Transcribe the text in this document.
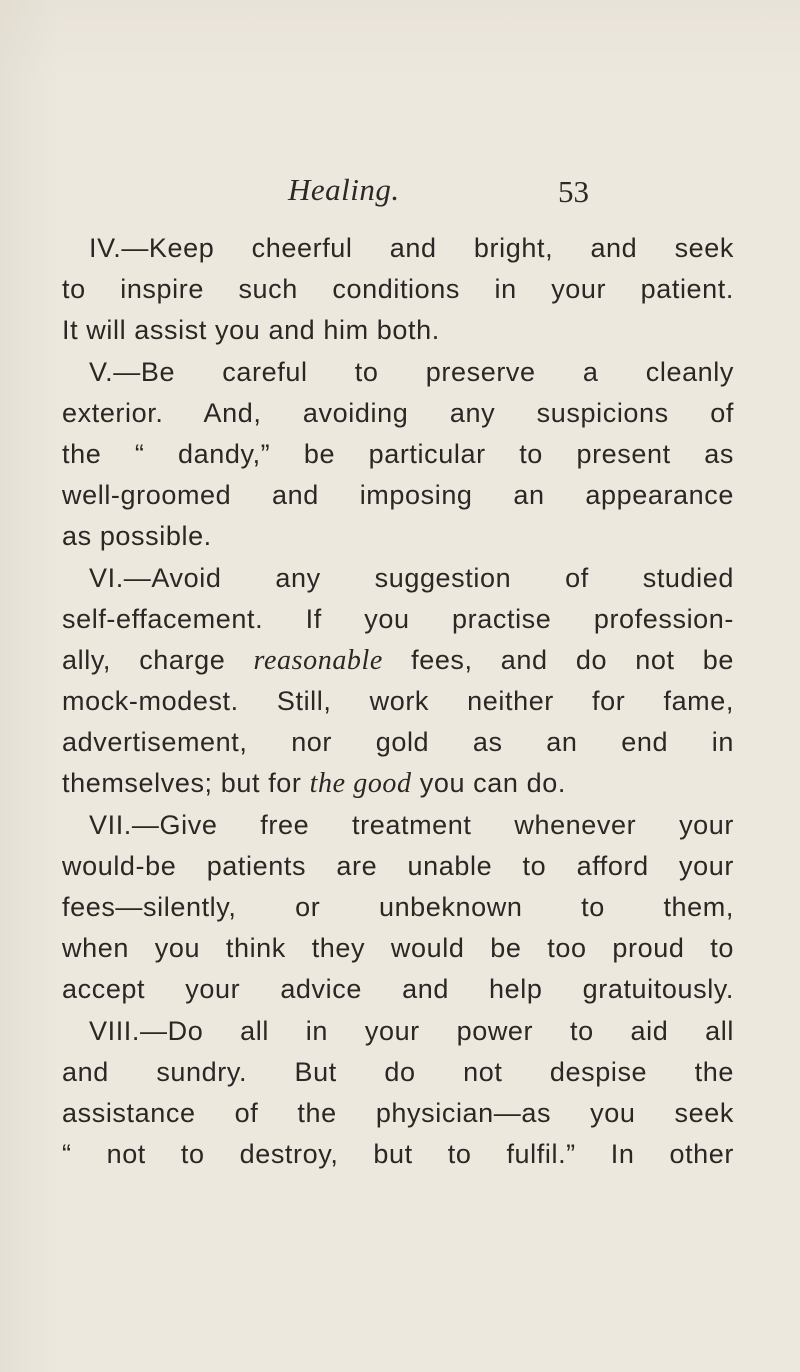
Healing.	53
IV.—Keep cheerful and bright, and seek
to inspire such conditions in your patient.
It will assist you and him both.
V.—Be careful to preserve a cleanly
exterior. And, avoiding any suspicions of
the “ dandy,” be particular to present as
well-groomed and imposing an appearance
as possible.
VI.—Avoid any suggestion of studied
self-effacement. If you practise profession-
ally, charge reasonable fees, and do not be
mock-modest. Still, work neither for fame,
advertisement, nor gold as an end in
themselves; but for the good you can do.
VII.—Give free treatment whenever your
would-be patients are unable to afford your
fees—silently, or unbeknown to them,
when you think they would be too proud to
accept your advice and help gratuitously.
VIII.—Do all in your power to aid all
and sundry. But do not despise the
assistance of the physician—as you seek
“ not to destroy, but to fulfil.” In other
